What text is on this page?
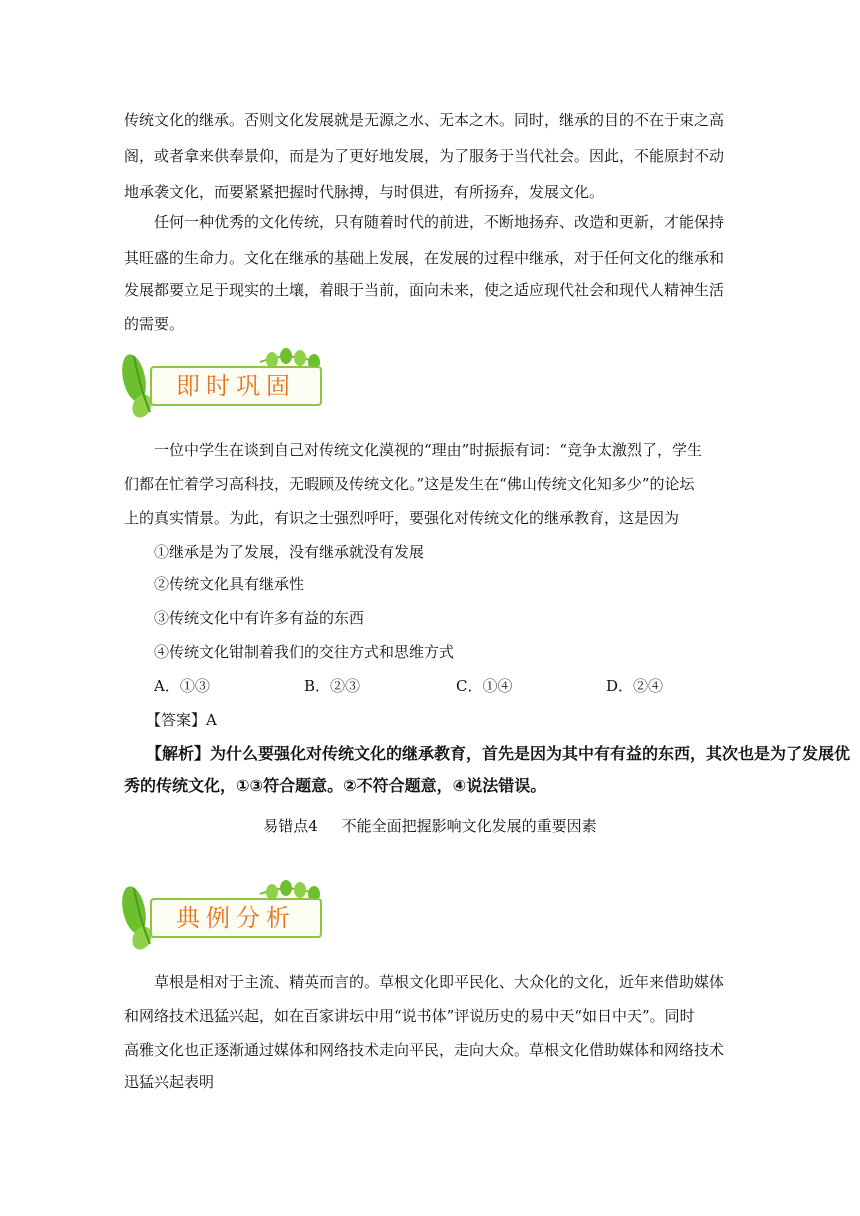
传统文化的继承。否则文化发展就是无源之水、无本之木。同时，继承的目的不在于束之高
阁，或者拿来供奉景仰，而是为了更好地发展，为了服务于当代社会。因此，不能原封不动
地承袭文化，而要紧紧把握时代脉搏，与时俱进，有所扬弃，发展文化。
任何一种优秀的文化传统，只有随着时代的前进，不断地扬弃、改造和更新，才能保持
其旺盛的生命力。文化在继承的基础上发展，在发展的过程中继承，对于任何文化的继承和
发展都要立足于现实的土壤，着眼于当前，面向未来，使之适应现代社会和现代人精神生活
的需要。
即时巩固
一位中学生在谈到自己对传统文化漠视的“理由”时振振有词：“竞争太激烈了，学生
们都在忙着学习高科技，无暇顾及传统文化。”这是发生在“佛山传统文化知多少”的论坛
上的真实情景。为此，有识之士强烈呼吁，要强化对传统文化的继承教育，这是因为
①继承是为了发展，没有继承就没有发展
②传统文化具有继承性
③传统文化中有许多有益的东西
④传统文化钳制着我们的交往方式和思维方式
A．①③	B．②③	C．①④	D．②④
【答案】A
【解析】为什么要强化对传统文化的继承教育，首先是因为其中有有益的东西，其次也是为了发展优
秀的传统文化，①③符合题意。②不符合题意，④说法错误。
易错点4     不能全面把握影响文化发展的重要因素
典例分析
草根是相对于主流、精英而言的。草根文化即平民化、大众化的文化，近年来借助媒体
和网络技术迅猛兴起，如在百家讲坛中用“说书体”评说历史的易中天“如日中天”。同时
高雅文化也正逐渐通过媒体和网络技术走向平民，走向大众。草根文化借助媒体和网络技术
迅猛兴起表明
